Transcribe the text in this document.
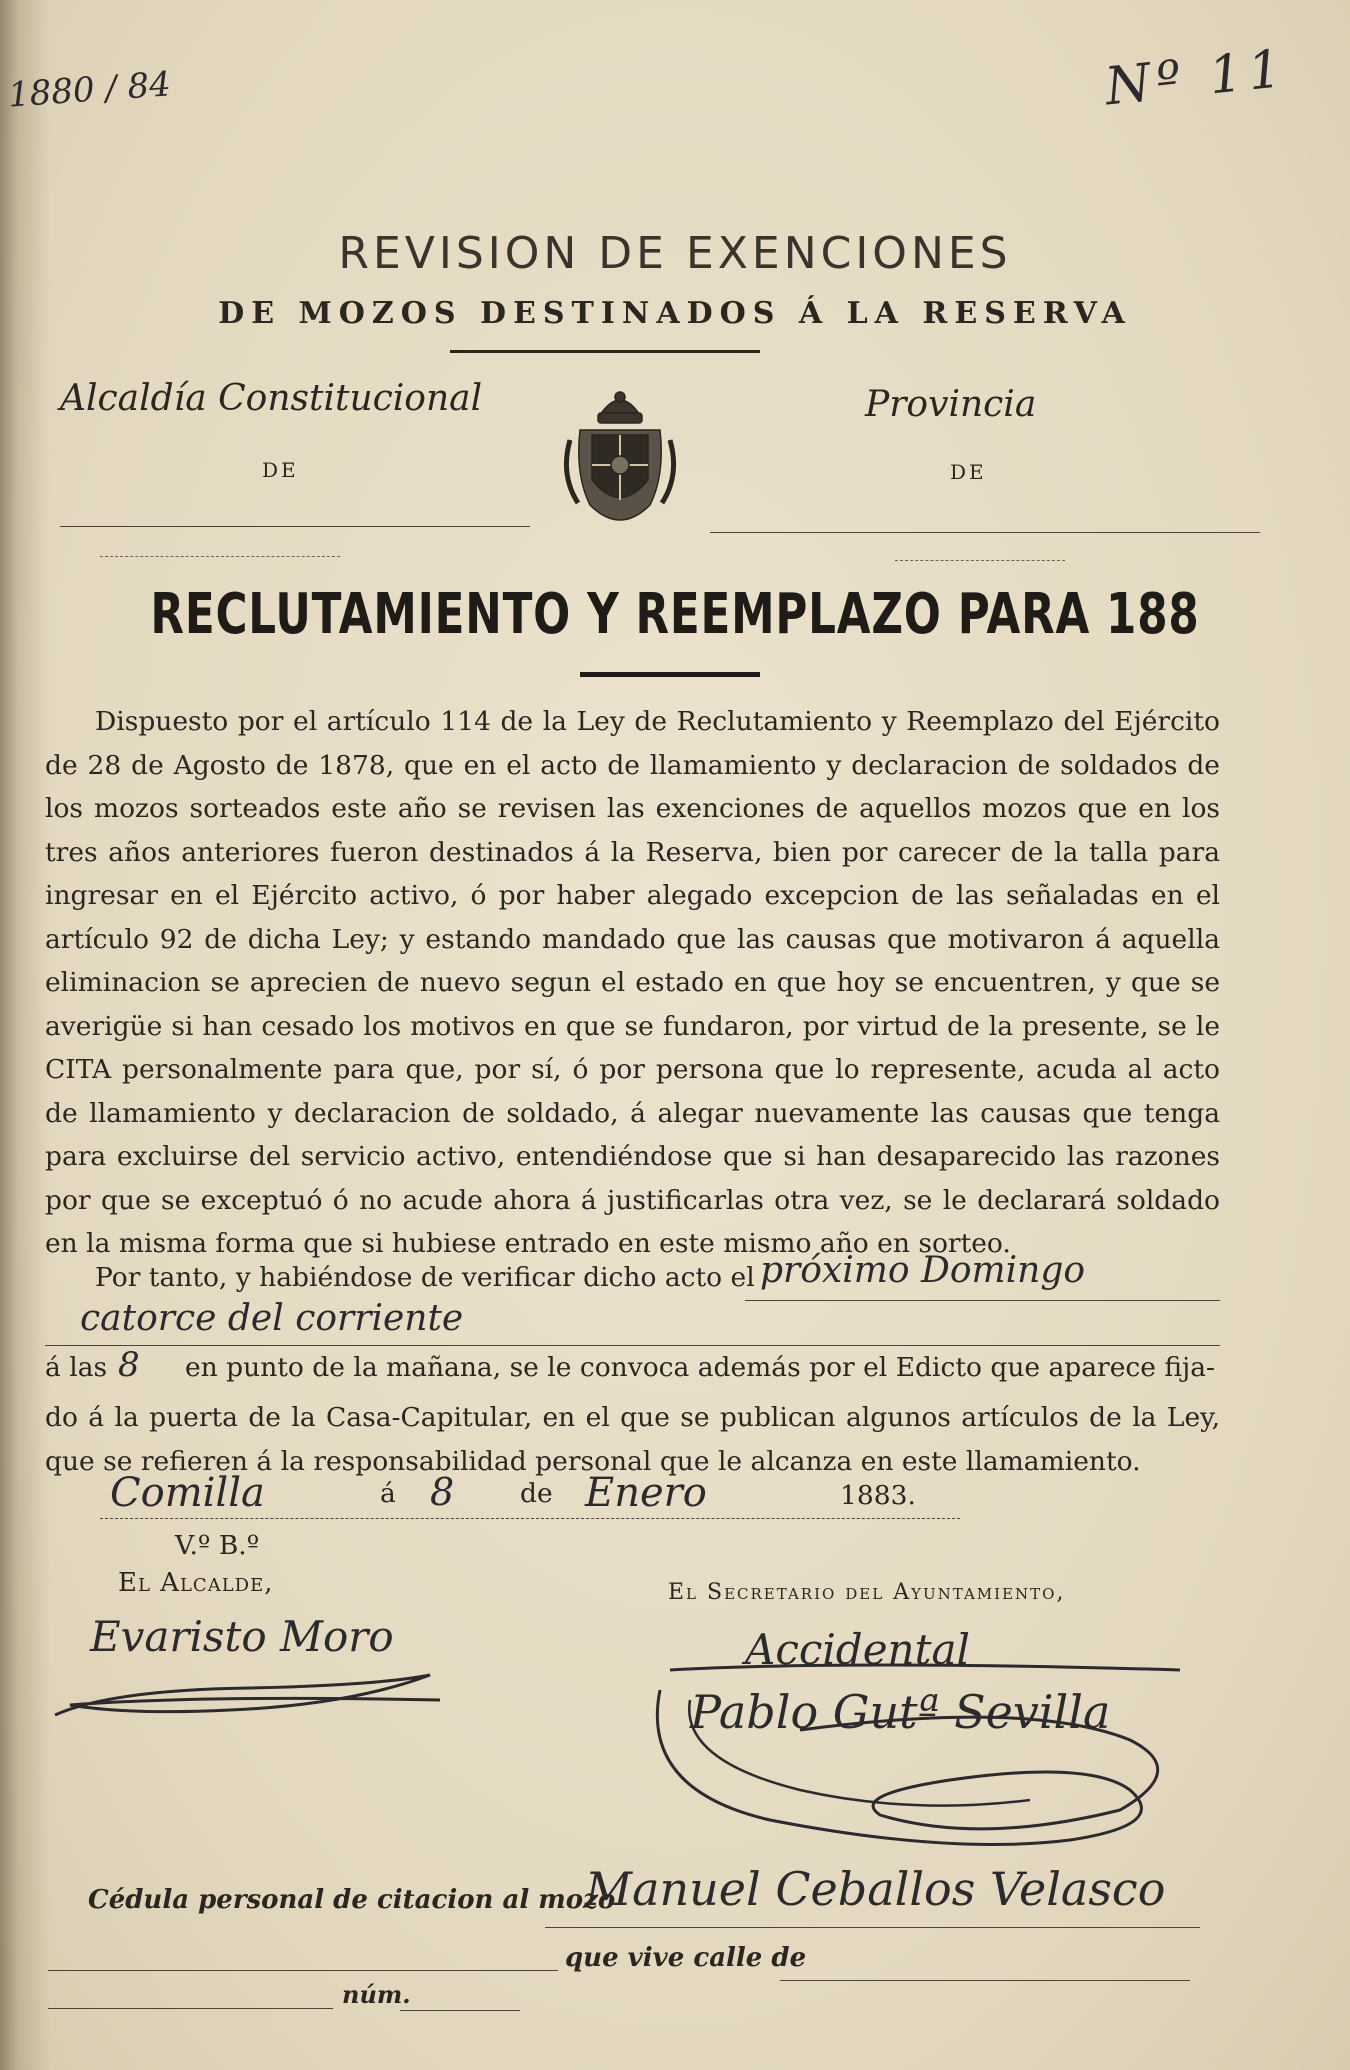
1880 / 84	Nº 11
REVISION DE EXENCIONES
DE MOZOS DESTINADOS Á LA RESERVA
Alcaldía Constitucional
DE
Provincia
DE
RECLUTAMIENTO Y REEMPLAZO PARA 188
Dispuesto por el artículo 114 de la Ley de Reclutamiento y Reemplazo del Ejército de 28 de Agosto de 1878, que en el acto de llamamiento y declaracion de soldados de los mozos sorteados este año se revisen las exenciones de aquellos mozos que en los tres años anteriores fueron destinados á la Reserva, bien por carecer de la talla para ingresar en el Ejército activo, ó por haber alegado excepcion de las señaladas en el artículo 92 de dicha Ley; y estando mandado que las causas que motivaron á aquella eliminacion se aprecien de nuevo segun el estado en que hoy se encuentren, y que se averigüe si han cesado los motivos en que se fundaron, por virtud de la presente, se le CITA personalmente para que, por sí, ó por persona que lo represente, acuda al acto de llamamiento y declaracion de soldado, á alegar nuevamente las causas que tenga para excluirse del servicio activo, entendiéndose que si han desaparecido las razones por que se exceptuó ó no acude ahora á justificarlas otra vez, se le declarará soldado en la misma forma que si hubiese entrado en este mismo año en sorteo.
Por tanto, y habiéndose de verificar dicho acto el próximo Domingo
catorce del corriente
á las 8 en punto de la mañana, se le convoca además por el Edicto que aparece fija-
do á la puerta de la Casa-Capitular, en el que se publican algunos artículos de la Ley, que se refieren á la responsabilidad personal que le alcanza en este llamamiento.
Comilla	á 8 de Enero	1883.
V.º B.º
El Alcalde,	El Secretario del Ayuntamiento,
Evaristo Moro	Accidental
Pablo Gutª Sevilla
Cédula personal de citacion al mozo
Manuel Ceballos Velasco
que vive calle de
núm.
